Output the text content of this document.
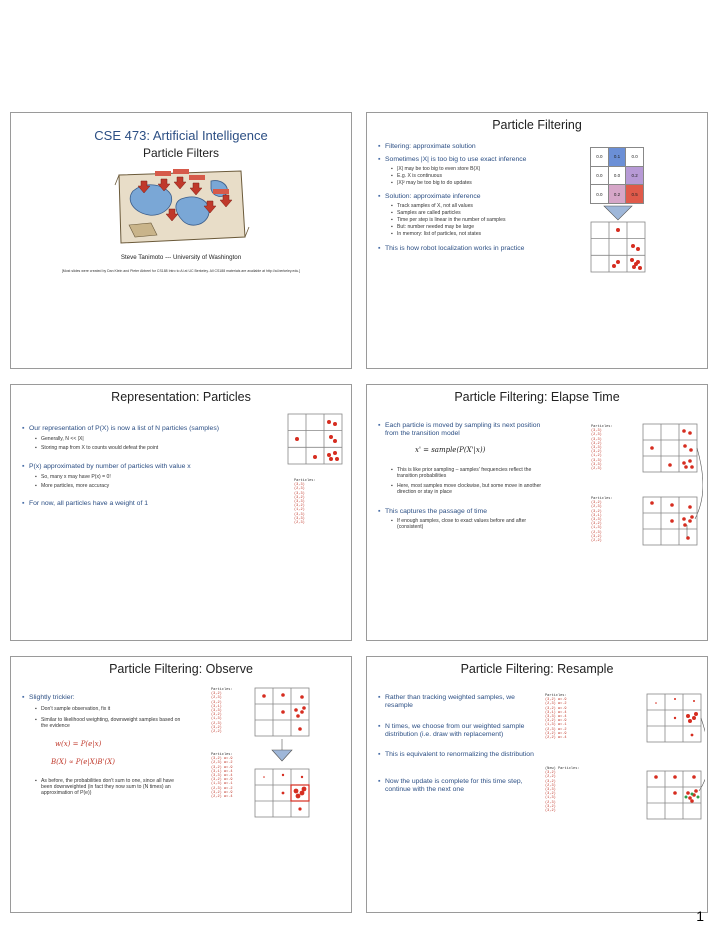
CSE 473: Artificial Intelligence
Particle Filters
Steve Tanimoto --- University of Washington
[Most slides were created by Dan Klein and Pieter Abbeel for CS188 Intro to AI at UC Berkeley. All CS188 materials are available at http://ai.berkeley.edu.]
Particle Filtering
▪ Filtering: approximate solution
▪ Sometimes |X| is too big to use exact inference
▪ |X| may be too big to even store B(X)
▪ E.g. X is continuous
▪ |X|² may be too big to do updates
▪ Solution: approximate inference
▪ Track samples of X, not all values
▪ Samples are called particles
▪ Time per step is linear in the number of samples
▪ But: number needed may be large
▪ In memory: list of particles, not states
▪ This is how robot localization works in practice
0.0	0.1	0.0
0.0	0.0	0.2
0.0	0.2	0.5
Representation: Particles
▪ Our representation of P(X) is now a list of N particles (samples)
▪ Generally, N << |X|
▪ Storing map from X to counts would defeat the point
▪ P(x) approximated by number of particles with value x
▪ So, many x may have P(x) = 0!
▪ More particles, more accuracy
▪ For now, all particles have a weight of 1
Particles:
(3,3)
(2,3)
(3,3)
(3,2)
(3,3)
(3,2)
(1,2)
(3,3)
(3,3)
(2,3)
Particle Filtering: Elapse Time
▪ Each particle is moved by sampling its next position from the transition model
x' = sample(P(X'|x))
▪ This is like prior sampling – samples' frequencies reflect the transition probabilities
▪ Here, most samples move clockwise, but some move in another direction or stay in place
▪ This captures the passage of time
▪ If enough samples, close to exact values before and after (consistent)
Particles:
(3,3)
(2,3)
(3,3)
(3,2)
(3,3)
(3,2)
(1,2)
(3,3)
(3,3)
(2,3)
Particles:
(3,2)
(2,3)
(3,2)
(3,1)
(3,3)
(3,2)
(1,3)
(2,3)
(3,2)
(2,2)
Particle Filtering: Observe
▪ Slightly trickier:
▪ Don't sample observation, fix it
▪ Similar to likelihood weighting, downweight samples based on the evidence
w(x) = P(e|x)
B(X) ∝ P(e|X)B'(X)
▪ As before, the probabilities don't sum to one, since all have been downweighted (in fact they now sum to (N times) an approximation of P(e))
Particles:
(3,2)
(2,3)
(3,2)
(3,1)
(3,3)
(3,2)
(1,3)
(2,3)
(3,2)
(2,2)
Particles:
(3,2) w=.9
(2,3) w=.2
(3,2) w=.9
(3,1) w=.4
(3,3) w=.4
(3,2) w=.9
(1,3) w=.1
(2,3) w=.2
(3,2) w=.9
(2,2) w=.4
Particle Filtering: Resample
▪ Rather than tracking weighted samples, we resample
▪ N times, we choose from our weighted sample distribution (i.e. draw with replacement)
▪ This is equivalent to renormalizing the distribution
▪ Now the update is complete for this time step, continue with the next one
Particles:
(3,2) w=.9
(2,3) w=.2
(3,2) w=.9
(3,1) w=.4
(3,3) w=.4
(3,2) w=.9
(1,3) w=.1
(2,3) w=.2
(3,2) w=.9
(2,2) w=.4
(New) Particles:
(3,2)
(2,2)
(3,2)
(2,3)
(3,3)
(3,2)
(1,3)
(2,3)
(3,2)
(3,2)
1
